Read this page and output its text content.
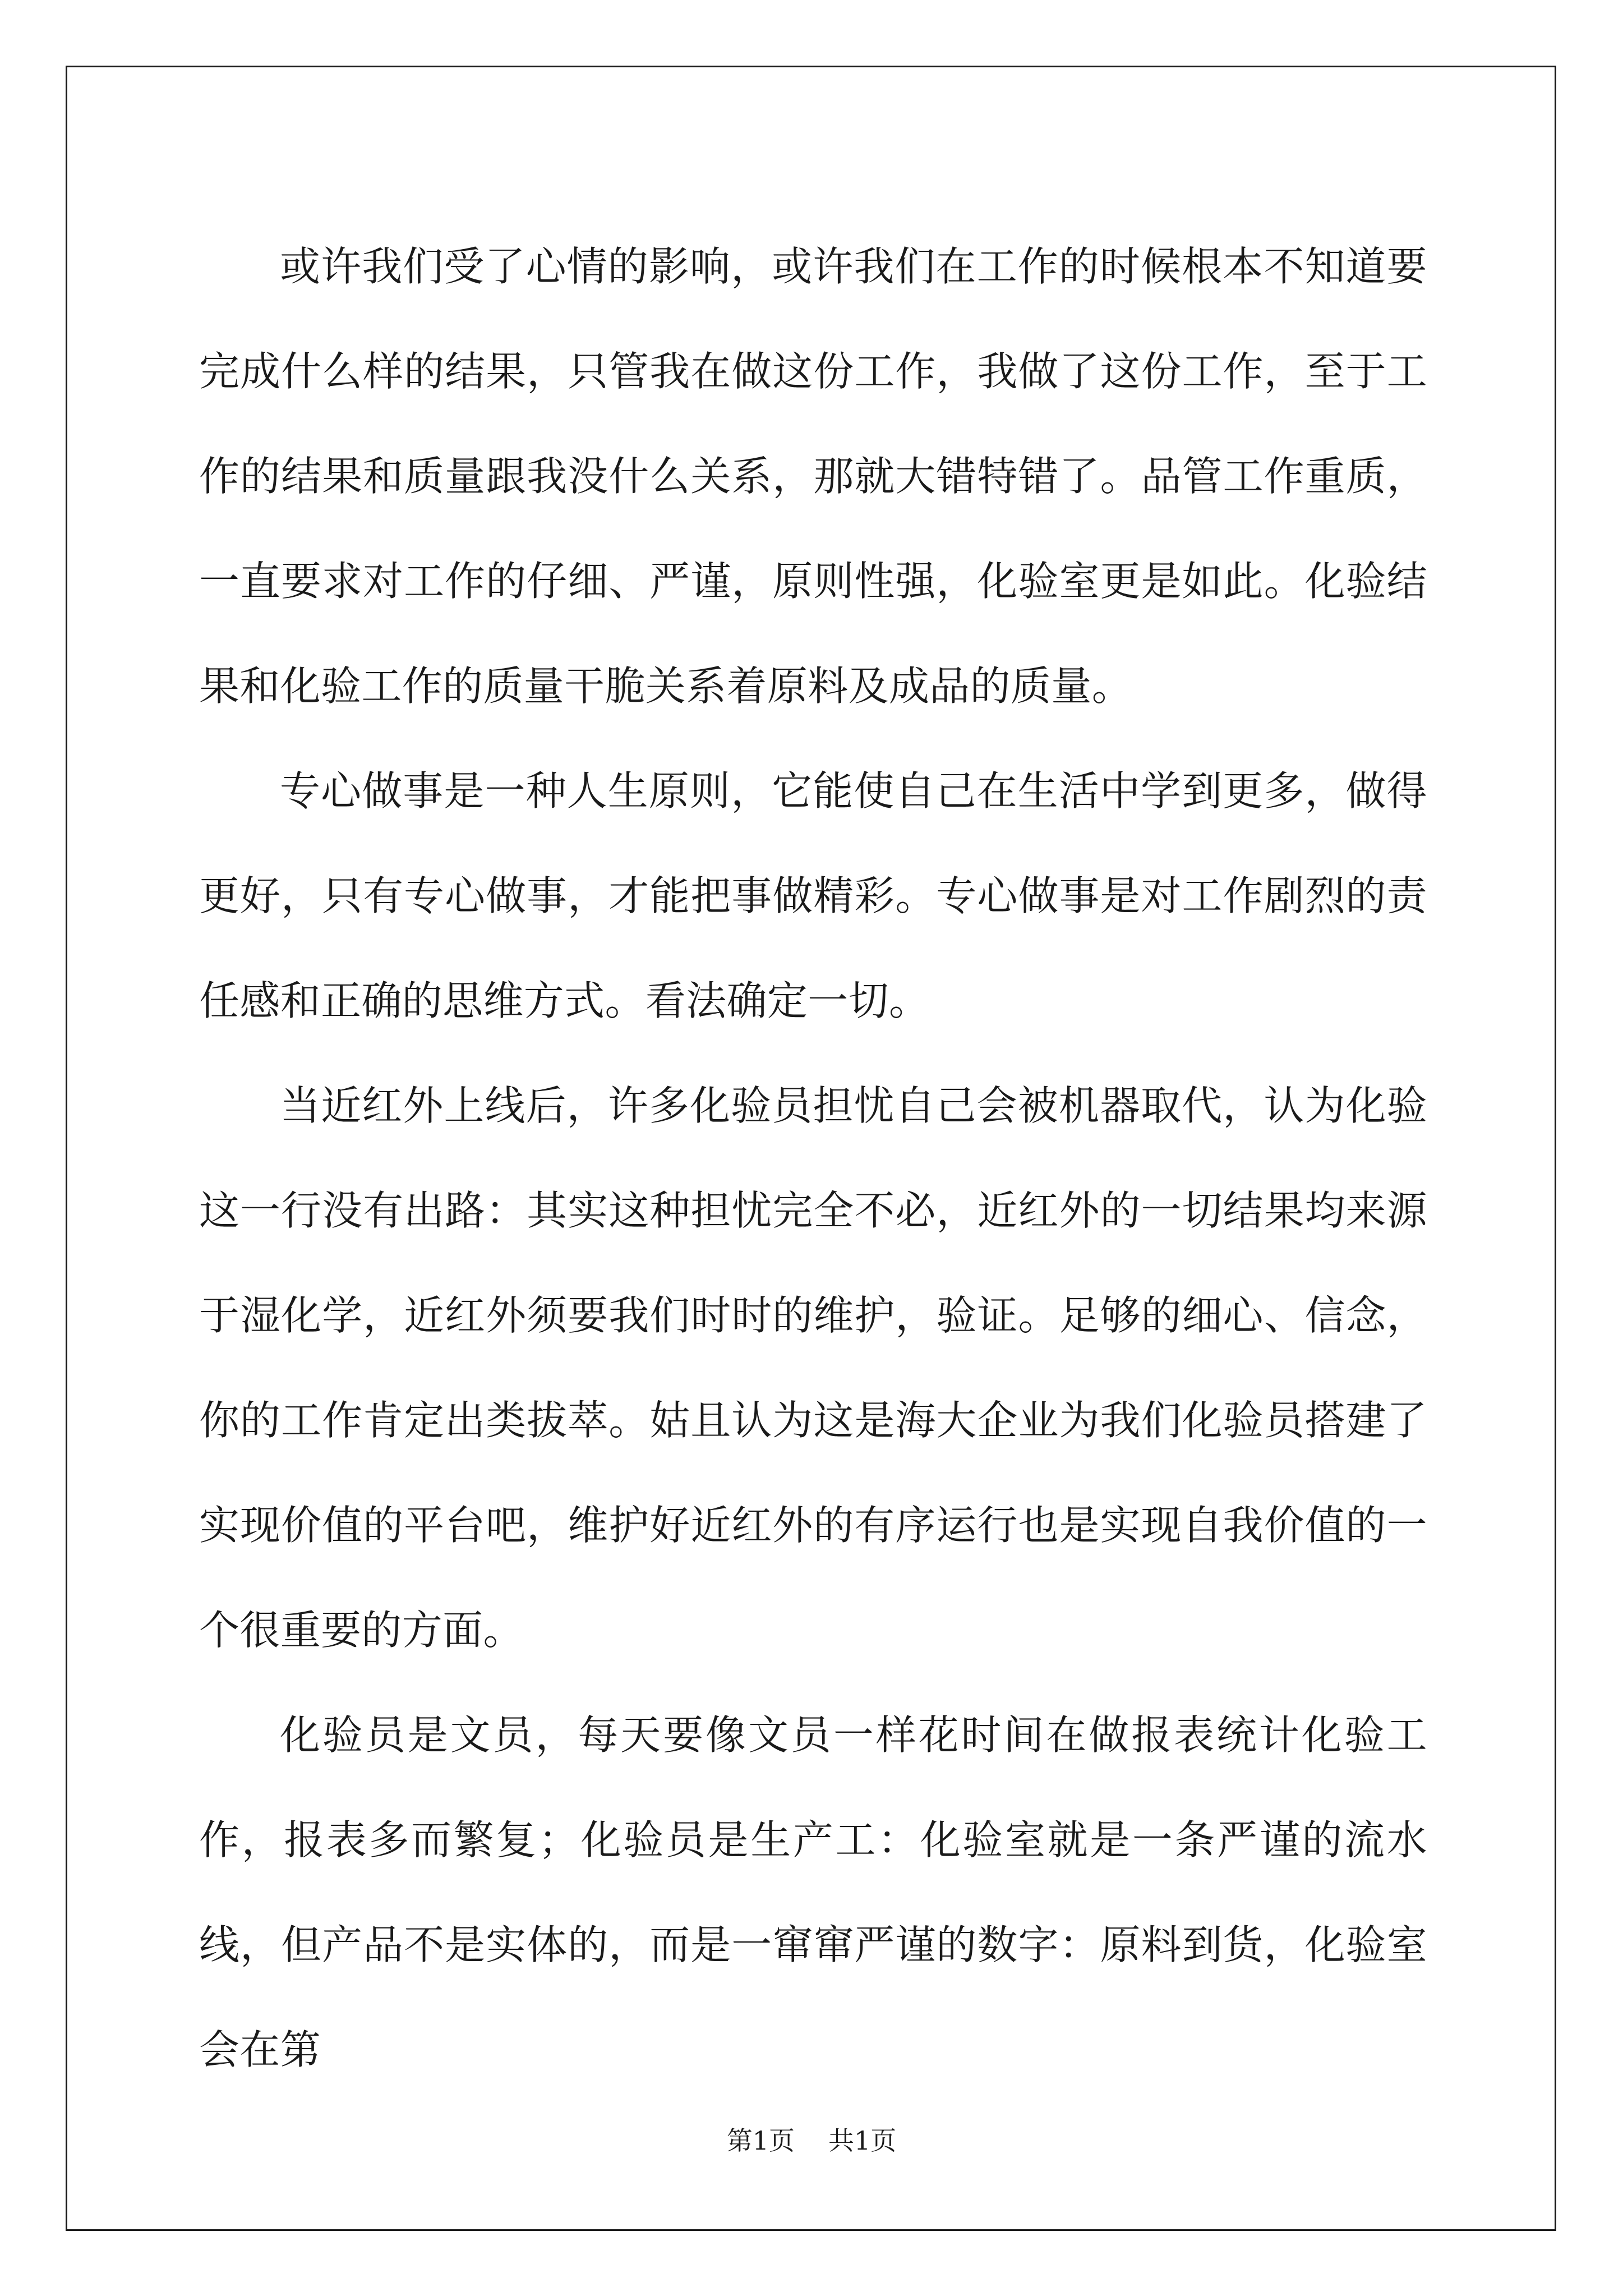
或许我们受了心情的影响，或许我们在工作的时候根本不知道要完成什么样的结果，只管我在做这份工作，我做了这份工作，至于工作的结果和质量跟我没什么关系，那就大错特错了。品管工作重质，一直要求对工作的仔细、严谨，原则性强，化验室更是如此。化验结果和化验工作的质量干脆关系着原料及成品的质量。

专心做事是一种人生原则，它能使自己在生活中学到更多，做得更好，只有专心做事，才能把事做精彩。专心做事是对工作剧烈的责任感和正确的思维方式。看法确定一切。

当近红外上线后，许多化验员担忧自己会被机器取代，认为化验这一行没有出路：其实这种担忧完全不必，近红外的一切结果均来源于湿化学，近红外须要我们时时的维护，验证。足够的细心、信念，你的工作肯定出类拔萃。姑且认为这是海大企业为我们化验员搭建了实现价值的平台吧，维护好近红外的有序运行也是实现自我价值的一个很重要的方面。

化验员是文员，每天要像文员一样花时间在做报表统计化验工作，报表多而繁复；化验员是生产工：化验室就是一条严谨的流水线，但产品不是实体的，而是一窜窜严谨的数字：原料到货，化验室会在第

第1页 共1页
